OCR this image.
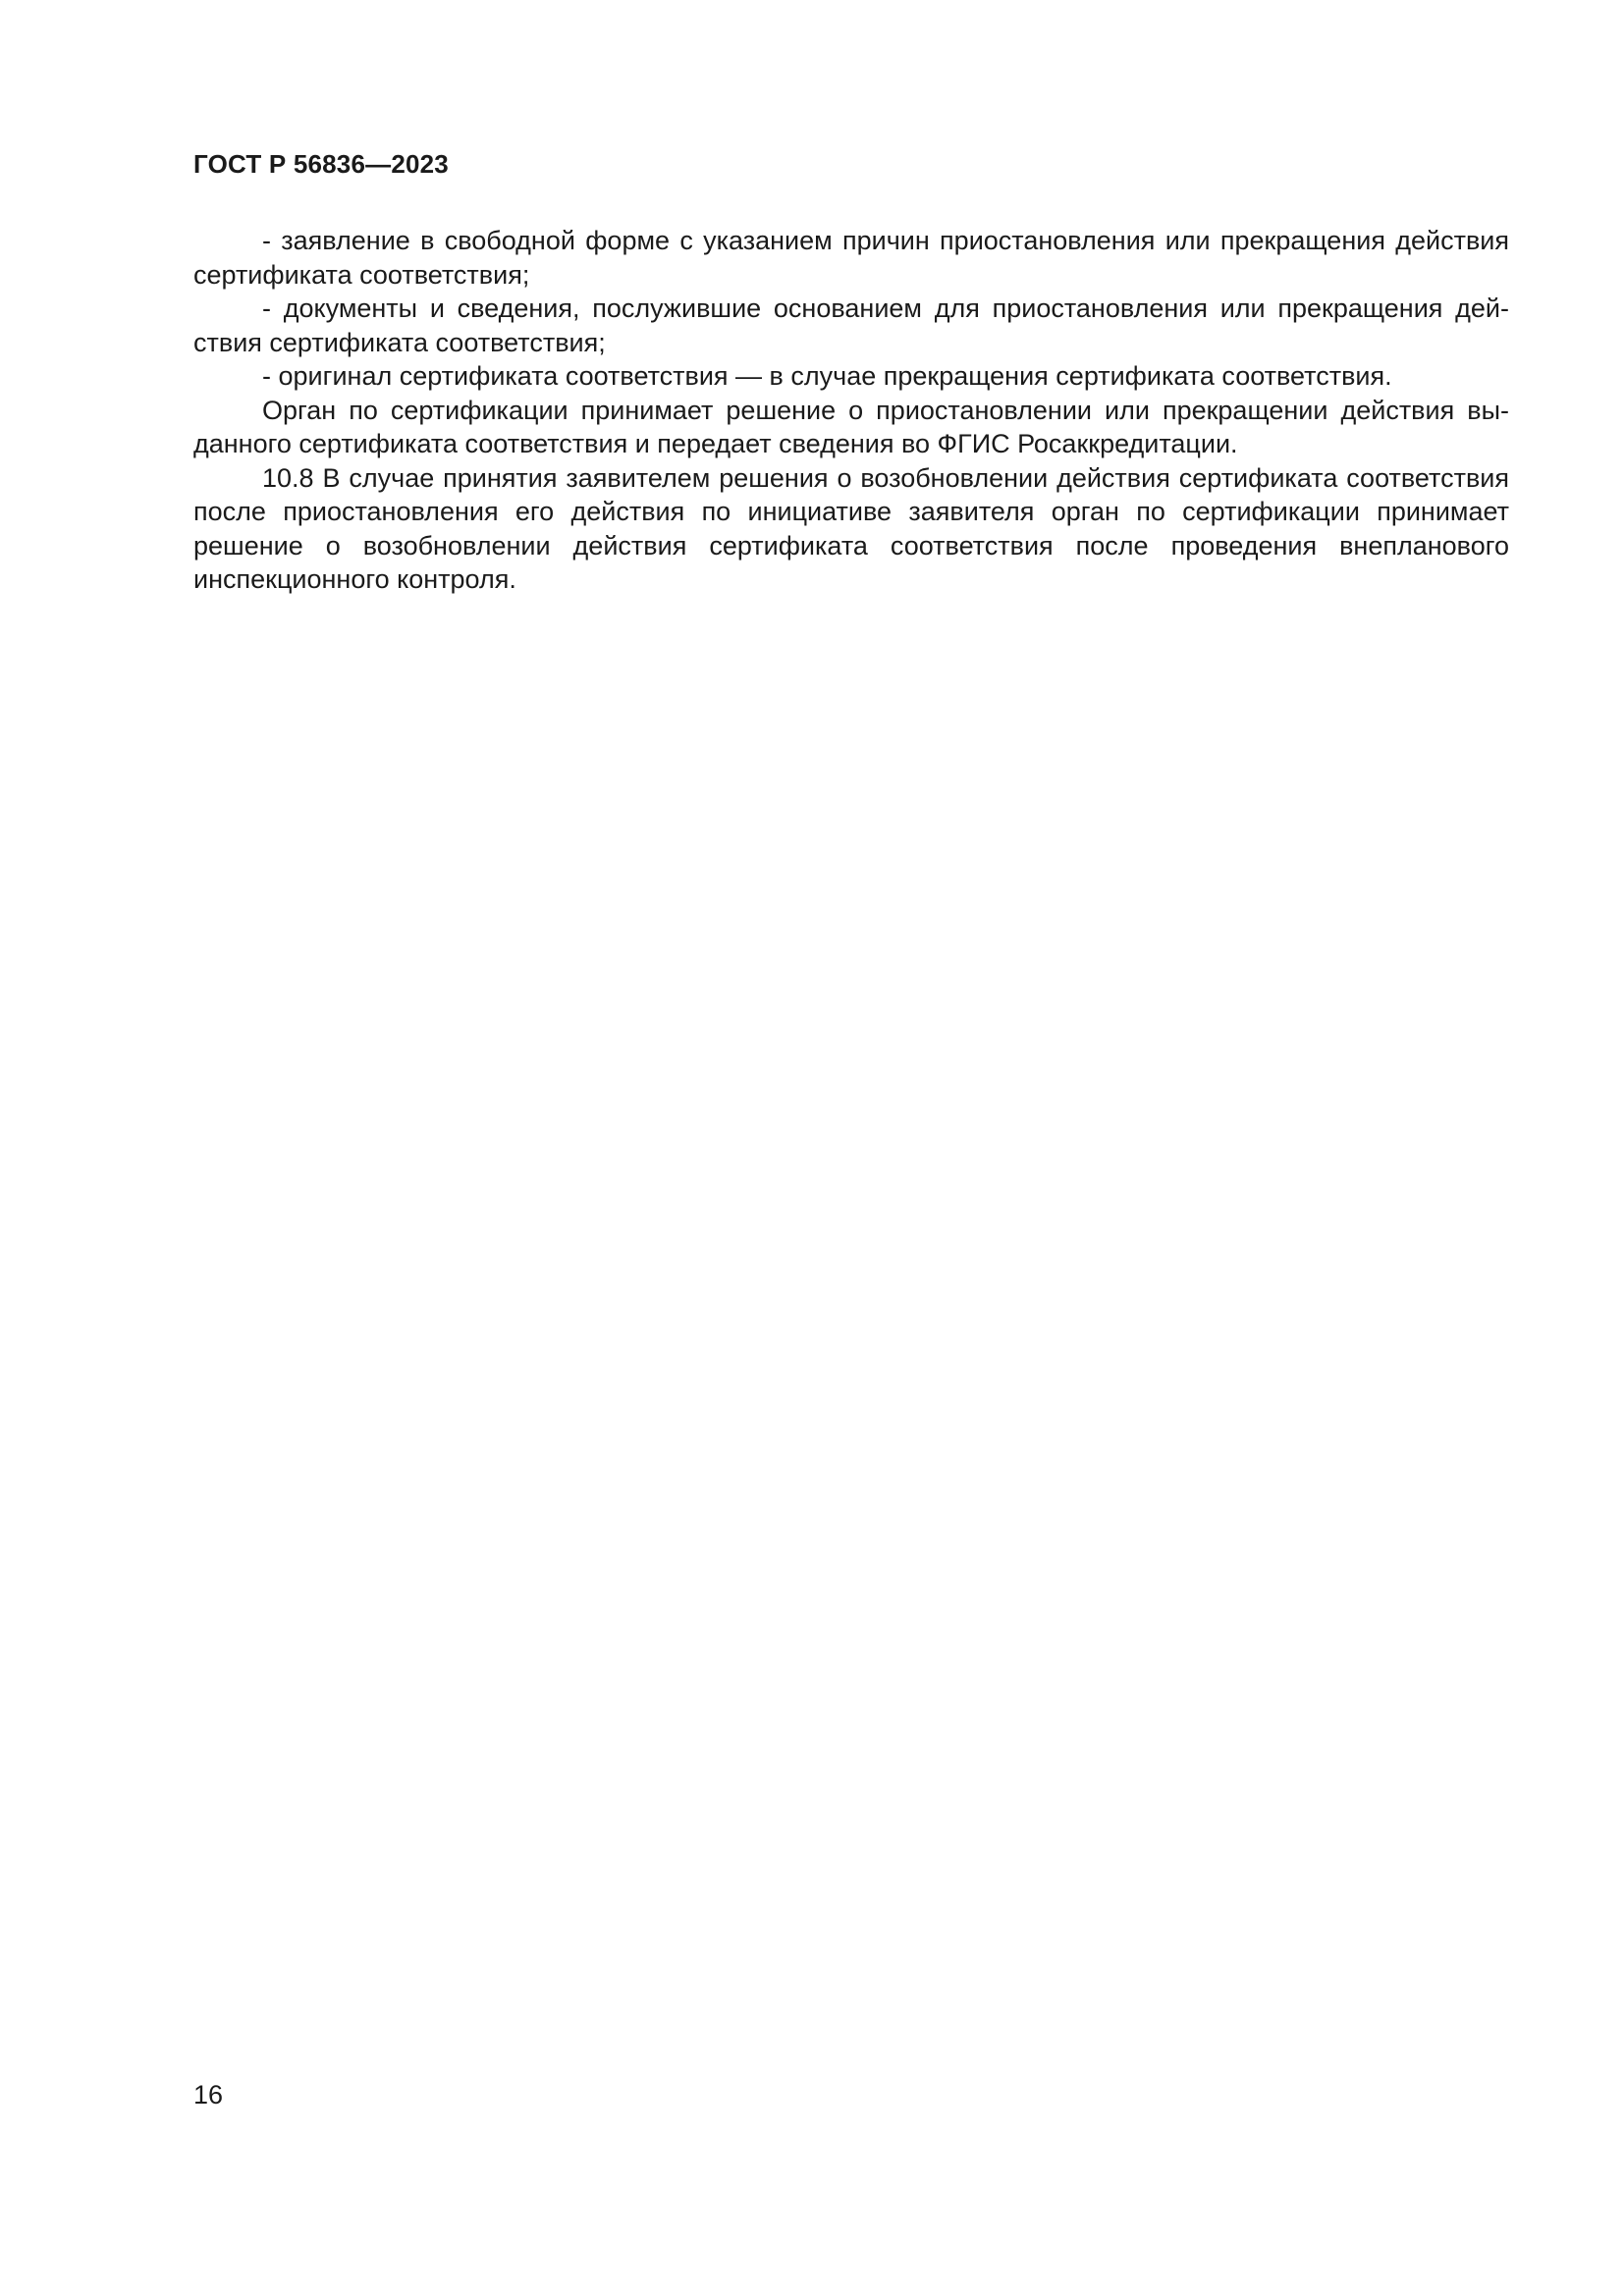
ГОСТ Р 56836—2023

- заявление в свободной форме с указанием причин приостановления или прекращения действия сертификата соответствия;

- документы и сведения, послужившие основанием для приостановления или прекращения действия сертификата соответствия;

- оригинал сертификата соответствия — в случае прекращения сертификата соответствия.

Орган по сертификации принимает решение о приостановлении или прекращении действия выданного сертификата соответствия и передает сведения во ФГИС Росаккредитации.

10.8 В случае принятия заявителем решения о возобновлении действия сертификата соответствия после приостановления его действия по инициативе заявителя орган по сертификации принимает решение о возобновлении действия сертификата соответствия после проведения внепланового инспекционного контроля.

16
